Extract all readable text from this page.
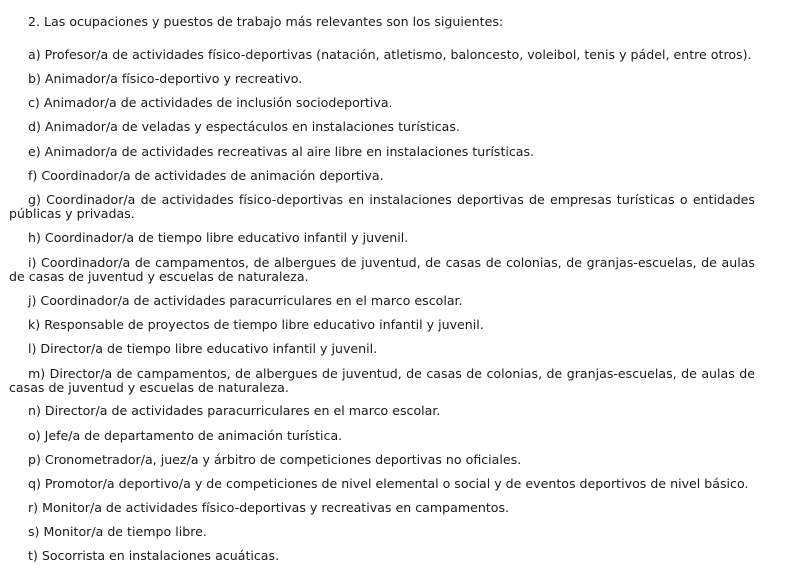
2. Las ocupaciones y puestos de trabajo más relevantes son los siguientes:

a) Profesor/a de actividades físico-deportivas (natación, atletismo, baloncesto, voleibol, tenis y pádel, entre otros).

b) Animador/a físico-deportivo y recreativo.

c) Animador/a de actividades de inclusión sociodeportiva.

d) Animador/a de veladas y espectáculos en instalaciones turísticas.

e) Animador/a de actividades recreativas al aire libre en instalaciones turísticas.

f) Coordinador/a de actividades de animación deportiva.

g) Coordinador/a de actividades físico-deportivas en instalaciones deportivas de empresas turísticas o entidades públicas y privadas.

h) Coordinador/a de tiempo libre educativo infantil y juvenil.

i) Coordinador/a de campamentos, de albergues de juventud, de casas de colonias, de granjas-escuelas, de aulas de casas de juventud y escuelas de naturaleza.

j) Coordinador/a de actividades paracurriculares en el marco escolar.

k) Responsable de proyectos de tiempo libre educativo infantil y juvenil.

l) Director/a de tiempo libre educativo infantil y juvenil.

m) Director/a de campamentos, de albergues de juventud, de casas de colonias, de granjas-escuelas, de aulas de casas de juventud y escuelas de naturaleza.

n) Director/a de actividades paracurriculares en el marco escolar.

o) Jefe/a de departamento de animación turística.

p) Cronometrador/a, juez/a y árbitro de competiciones deportivas no oficiales.

q) Promotor/a deportivo/a y de competiciones de nivel elemental o social y de eventos deportivos de nivel básico.

r) Monitor/a de actividades físico-deportivas y recreativas en campamentos.

s) Monitor/a de tiempo libre.

t) Socorrista en instalaciones acuáticas.
